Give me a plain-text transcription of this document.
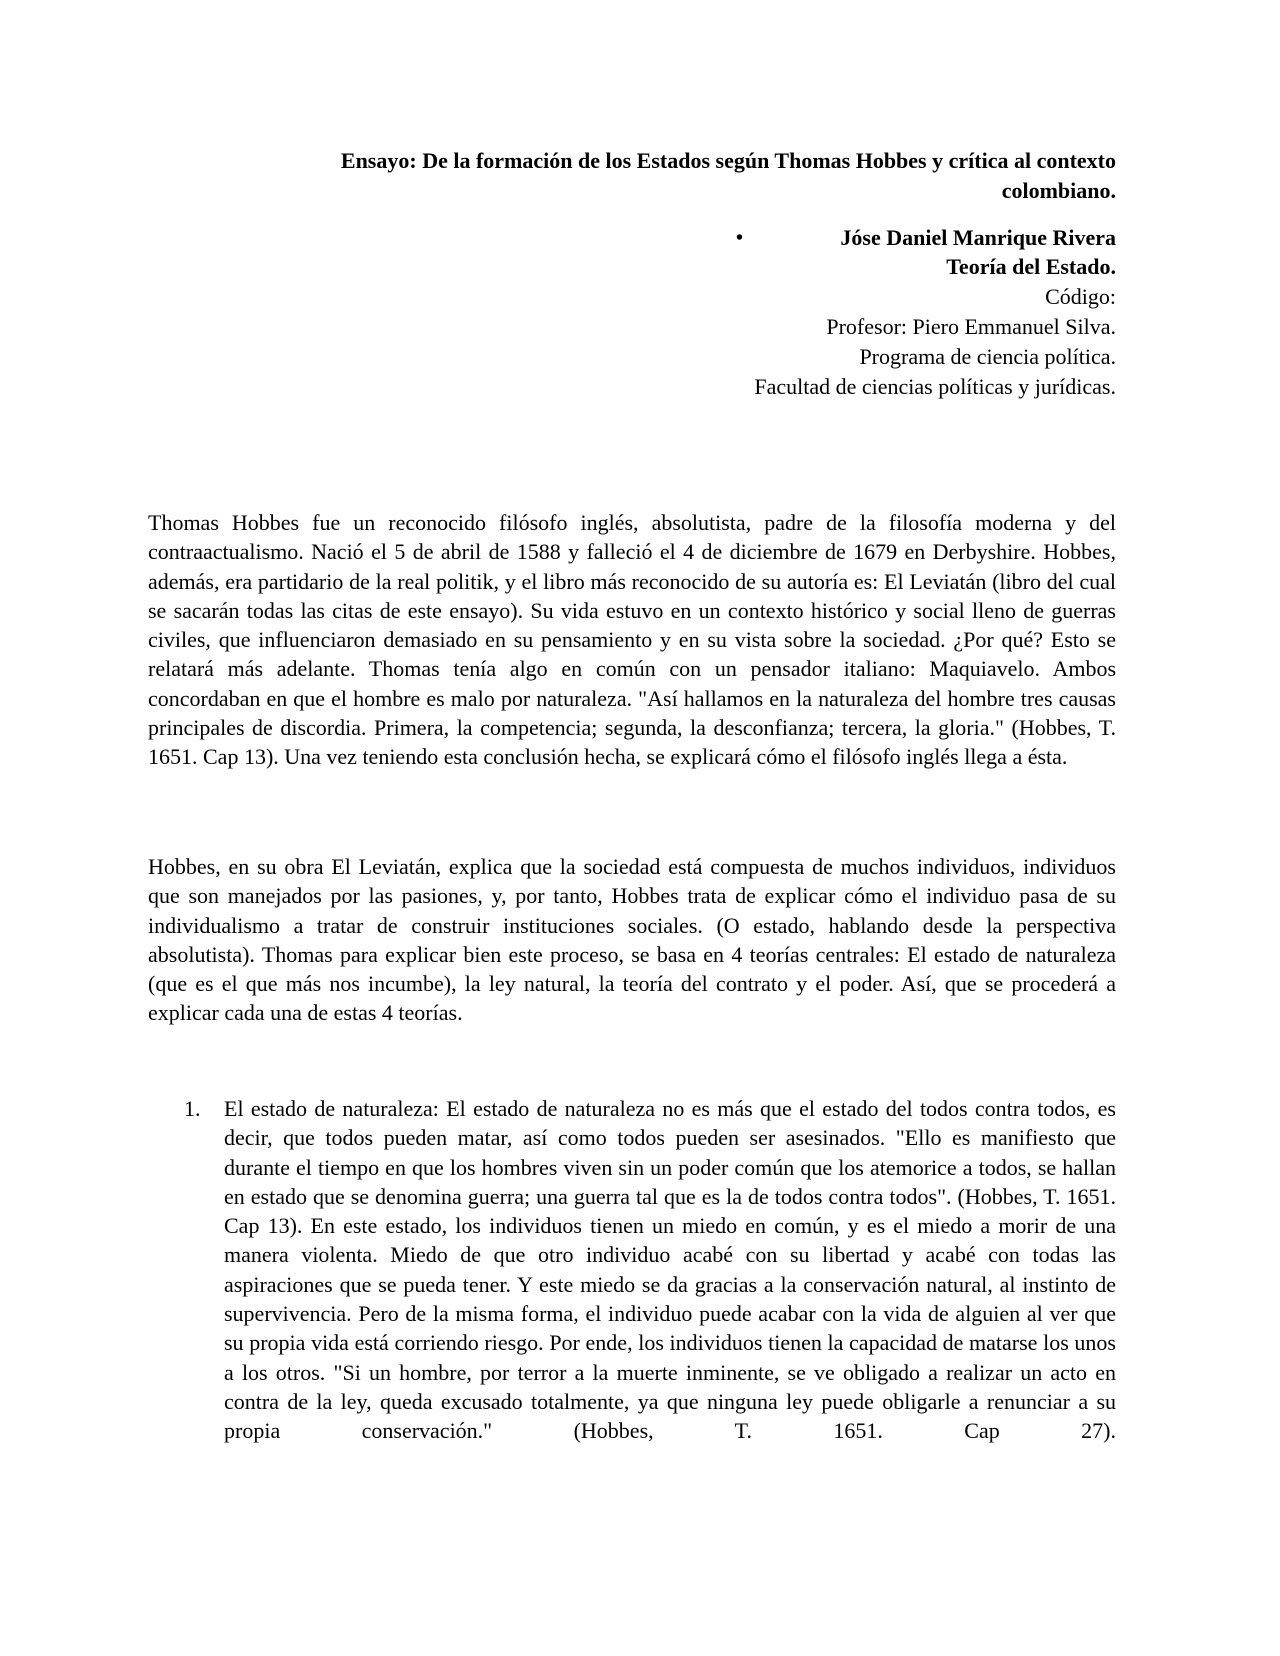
Ensayo: De la formación de los Estados según Thomas Hobbes y crítica al contexto colombiano.
•	Jóse Daniel Manrique Rivera
Teoría del Estado.
Código:
Profesor: Piero Emmanuel Silva.
Programa de ciencia política.
Facultad de ciencias políticas y jurídicas.

Thomas Hobbes fue un reconocido filósofo inglés, absolutista, padre de la filosofía moderna y del contraactualismo. Nació el 5 de abril de 1588 y falleció el 4 de diciembre de 1679 en Derbyshire. Hobbes, además, era partidario de la real politik, y el libro más reconocido de su autoría es: El Leviatán (libro del cual se sacarán todas las citas de este ensayo). Su vida estuvo en un contexto histórico y social lleno de guerras civiles, que influenciaron demasiado en su pensamiento y en su vista sobre la sociedad. ¿Por qué? Esto se relatará más adelante. Thomas tenía algo en común con un pensador italiano: Maquiavelo. Ambos concordaban en que el hombre es malo por naturaleza. "Así hallamos en la naturaleza del hombre tres causas principales de discordia. Primera, la competencia; segunda, la desconfianza; tercera, la gloria." (Hobbes, T. 1651. Cap 13). Una vez teniendo esta conclusión hecha, se explicará cómo el filósofo inglés llega a ésta.

Hobbes, en su obra El Leviatán, explica que la sociedad está compuesta de muchos individuos, individuos que son manejados por las pasiones, y, por tanto, Hobbes trata de explicar cómo el individuo pasa de su individualismo a tratar de construir instituciones sociales. (O estado, hablando desde la perspectiva absolutista). Thomas para explicar bien este proceso, se basa en 4 teorías centrales: El estado de naturaleza (que es el que más nos incumbe), la ley natural, la teoría del contrato y el poder. Así, que se procederá a explicar cada una de estas 4 teorías.

1. El estado de naturaleza: El estado de naturaleza no es más que el estado del todos contra todos, es decir, que todos pueden matar, así como todos pueden ser asesinados. "Ello es manifiesto que durante el tiempo en que los hombres viven sin un poder común que los atemorice a todos, se hallan en estado que se denomina guerra; una guerra tal que es la de todos contra todos". (Hobbes, T. 1651. Cap 13). En este estado, los individuos tienen un miedo en común, y es el miedo a morir de una manera violenta. Miedo de que otro individuo acabé con su libertad y acabé con todas las aspiraciones que se pueda tener. Y este miedo se da gracias a la conservación natural, al instinto de supervivencia. Pero de la misma forma, el individuo puede acabar con la vida de alguien al ver que su propia vida está corriendo riesgo. Por ende, los individuos tienen la capacidad de matarse los unos a los otros. "Si un hombre, por terror a la muerte inminente, se ve obligado a realizar un acto en contra de la ley, queda excusado totalmente, ya que ninguna ley puede obligarle a renunciar a su propia conservación." (Hobbes, T. 1651. Cap 27).
